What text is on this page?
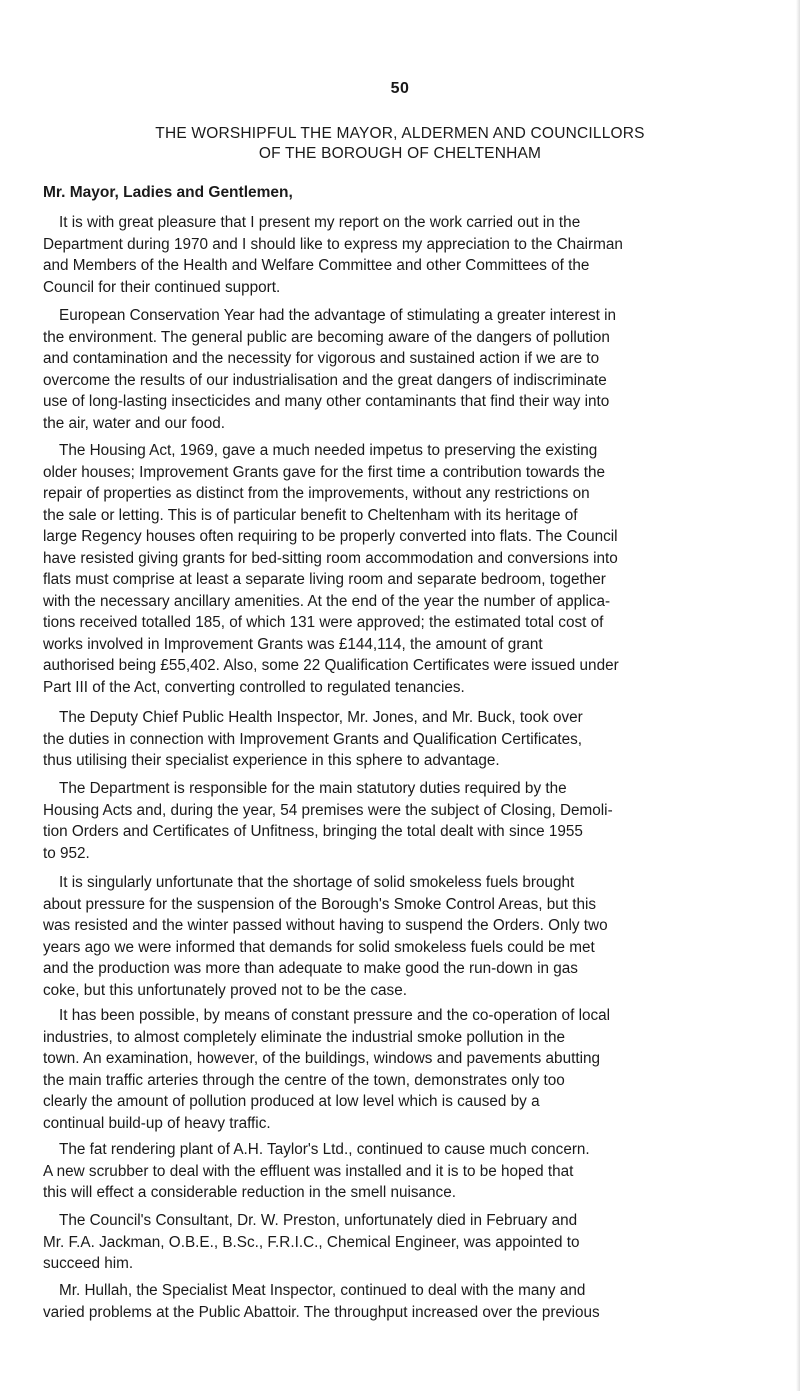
50
THE WORSHIPFUL THE MAYOR, ALDERMEN AND COUNCILLORS
OF THE BOROUGH OF CHELTENHAM
Mr. Mayor, Ladies and Gentlemen,

It is with great pleasure that I present my report on the work carried out in the
Department during 1970 and I should like to express my appreciation to the Chairman
and Members of the Health and Welfare Committee and other Committees of the
Council for their continued support.

European Conservation Year had the advantage of stimulating a greater interest in
the environment. The general public are becoming aware of the dangers of pollution
and contamination and the necessity for vigorous and sustained action if we are to
overcome the results of our industrialisation and the great dangers of indiscriminate
use of long-lasting insecticides and many other contaminants that find their way into
the air, water and our food.

The Housing Act, 1969, gave a much needed impetus to preserving the existing
older houses; Improvement Grants gave for the first time a contribution towards the
repair of properties as distinct from the improvements, without any restrictions on
the sale or letting. This is of particular benefit to Cheltenham with its heritage of
large Regency houses often requiring to be properly converted into flats. The Council
have resisted giving grants for bed-sitting room accommodation and conversions into
flats must comprise at least a separate living room and separate bedroom, together
with the necessary ancillary amenities. At the end of the year the number of applica-
tions received totalled 185, of which 131 were approved; the estimated total cost of
works involved in Improvement Grants was £144,114, the amount of grant
authorised being £55,402. Also, some 22 Qualification Certificates were issued under
Part III of the Act, converting controlled to regulated tenancies.

The Deputy Chief Public Health Inspector, Mr. Jones, and Mr. Buck, took over
the duties in connection with Improvement Grants and Qualification Certificates,
thus utilising their specialist experience in this sphere to advantage.

The Department is responsible for the main statutory duties required by the
Housing Acts and, during the year, 54 premises were the subject of Closing, Demoli-
tion Orders and Certificates of Unfitness, bringing the total dealt with since 1955
to 952.

It is singularly unfortunate that the shortage of solid smokeless fuels brought
about pressure for the suspension of the Borough's Smoke Control Areas, but this
was resisted and the winter passed without having to suspend the Orders. Only two
years ago we were informed that demands for solid smokeless fuels could be met
and the production was more than adequate to make good the run-down in gas
coke, but this unfortunately proved not to be the case.

It has been possible, by means of constant pressure and the co-operation of local
industries, to almost completely eliminate the industrial smoke pollution in the
town. An examination, however, of the buildings, windows and pavements abutting
the main traffic arteries through the centre of the town, demonstrates only too
clearly the amount of pollution produced at low level which is caused by a
continual build-up of heavy traffic.

The fat rendering plant of A.H. Taylor's Ltd., continued to cause much concern.
A new scrubber to deal with the effluent was installed and it is to be hoped that
this will effect a considerable reduction in the smell nuisance.

The Council's Consultant, Dr. W. Preston, unfortunately died in February and
Mr. F.A. Jackman, O.B.E., B.Sc., F.R.I.C., Chemical Engineer, was appointed to
succeed him.

Mr. Hullah, the Specialist Meat Inspector, continued to deal with the many and
varied problems at the Public Abattoir. The throughput increased over the previous
